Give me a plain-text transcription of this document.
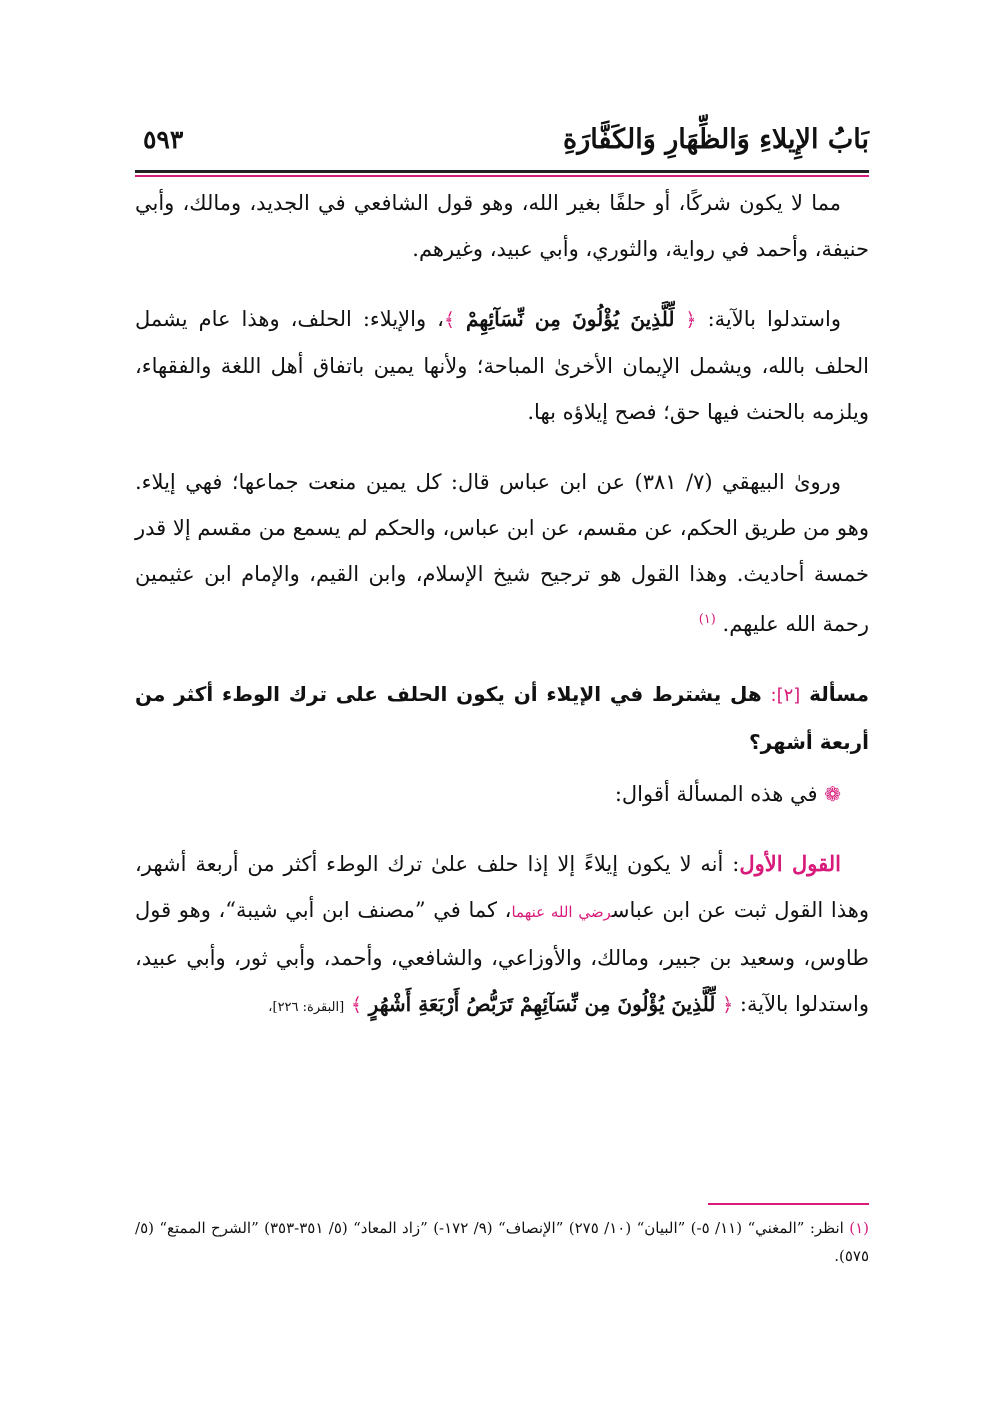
بَابُ الإِيلاءِ وَالظِّهَارِ وَالكَفَّارَةِ
٥٩٣

مما لا يكون شركًا، أو حلفًا بغير الله، وهو قول الشافعي في الجديد، ومالك، وأبي حنيفة، وأحمد في رواية، والثوري، وأبي عبيد، وغيرهم.

واستدلوا بالآية: ﴿ لِّلَّذِينَ يُؤْلُونَ مِن نِّسَآئِهِمْ ﴾، والإيلاء: الحلف، وهذا عام يشمل الحلف بالله، ويشمل الإيمان الأخرىٰ المباحة؛ ولأنها يمين باتفاق أهل اللغة والفقهاء، ويلزمه بالحنث فيها حق؛ فصح إيلاؤه بها.

وروىٰ البيهقي (٧/ ٣٨١) عن ابن عباس قال: كل يمين منعت جماعها؛ فهي إيلاء. وهو من طريق الحكم، عن مقسم، عن ابن عباس، والحكم لم يسمع من مقسم إلا قدر خمسة أحاديث. وهذا القول هو ترجيح شيخ الإسلام، وابن القيم، والإمام ابن عثيمين رحمة الله عليهم. $^{(١)}$

مسألة [٢]: هل يشترط في الإيلاء أن يكون الحلف على ترك الوطء أكثر من أربعة أشهر؟

❁ في هذه المسألة أقوال:

القول الأول: أنه لا يكون إيلاءً إلا إذا حلف علىٰ ترك الوطء أكثر من أربعة أشهر، وهذا القول ثبت عن ابن عباسرضي الله عنهما، كما في ”مصنف ابن أبي شيبة“، وهو قول طاوس، وسعيد بن جبير، ومالك، والأوزاعي، والشافعي، وأحمد، وأبي ثور، وأبي عبيد، واستدلوا بالآية: ﴿ لِّلَّذِينَ يُؤْلُونَ مِن نِّسَآئِهِمْ تَرَبُّصُ أَرْبَعَةِ أَشْهُرٍ ﴾ [البقرة: ٢٢٦]،

(١) انظر: ”المغني“ (١١/ ٥-) ”البيان“ (١٠/ ٢٧٥) ”الإنصاف“ (٩/ ١٧٢-) ”زاد المعاد“ (٥/ ٣٥١-٣٥٣) ”الشرح الممتع“ (٥/ ٥٧٥).
